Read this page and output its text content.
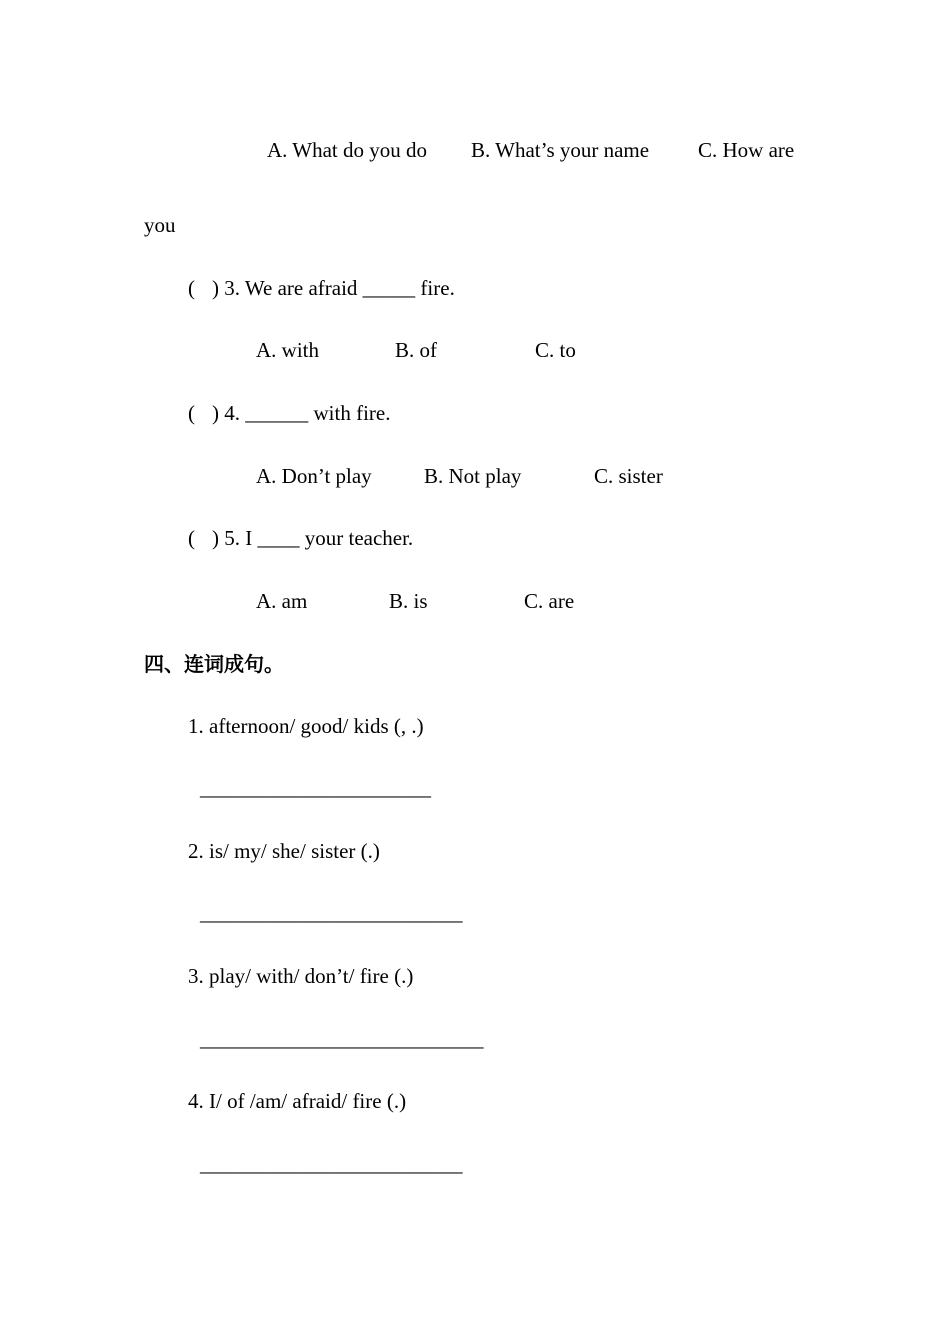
A. What do you do B. What’s your name C. How are
you
( ) 3. We are afraid _____ fire.
A. with	B. of	C. to
( ) 4. ______ with fire.
A. Don’t play B. Not play	C. sister
( ) 5. I ____ your teacher.
A. am	B. is	C. are
四、连词成句。
1. afternoon/ good/ kids (, .)
______________________
2. is/ my/ she/ sister (.)
_________________________
3. play/ with/ don’t/ fire (.)
___________________________
4. I/ of /am/ afraid/ fire (.)
_________________________
